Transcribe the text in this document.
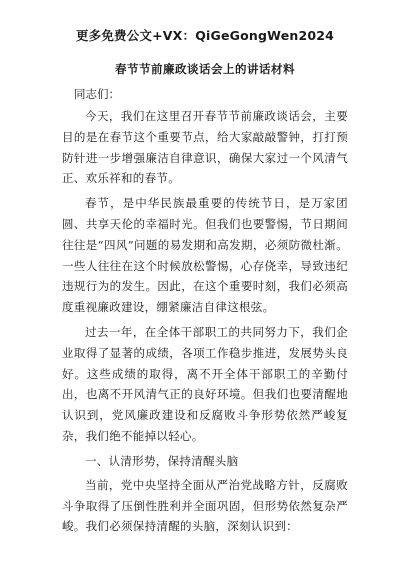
更多免费公文+VX：QiGeGongWen2024
春节节前廉政谈话会上的讲话材料
同志们：

今天，我们在这里召开春节节前廉政谈话会，主要目的是在春节这个重要节点，给大家敲敲警钟，打打预防针进一步增强廉洁自律意识，确保大家过一个风清气正、欢乐祥和的春节。

春节，是中华民族最重要的传统节日，是万家团圆、共享天伦的幸福时光。但我们也要警惕，节日期间往往是“四风”问题的易发期和高发期，必须防微杜渐。一些人往往在这个时候放松警惕，心存侥幸，导致违纪违规行为的发生。因此，在这个重要时刻，我们必须高度重视廉政建设，绷紧廉洁自律这根弦。

过去一年，在全体干部职工的共同努力下，我们企业取得了显著的成绩，各项工作稳步推进，发展势头良好。这些成绩的取得，离不开全体干部职工的辛勤付出，也离不开风清气正的良好环境。但我们也要清醒地认识到，党风廉政建设和反腐败斗争形势依然严峻复杂，我们绝不能掉以轻心。

一、认清形势，保持清醒头脑

当前，党中央坚持全面从严治党战略方针，反腐败斗争取得了压倒性胜利并全面巩固，但形势依然复杂严峻。我们必须保持清醒的头脑，深刻认识到：
